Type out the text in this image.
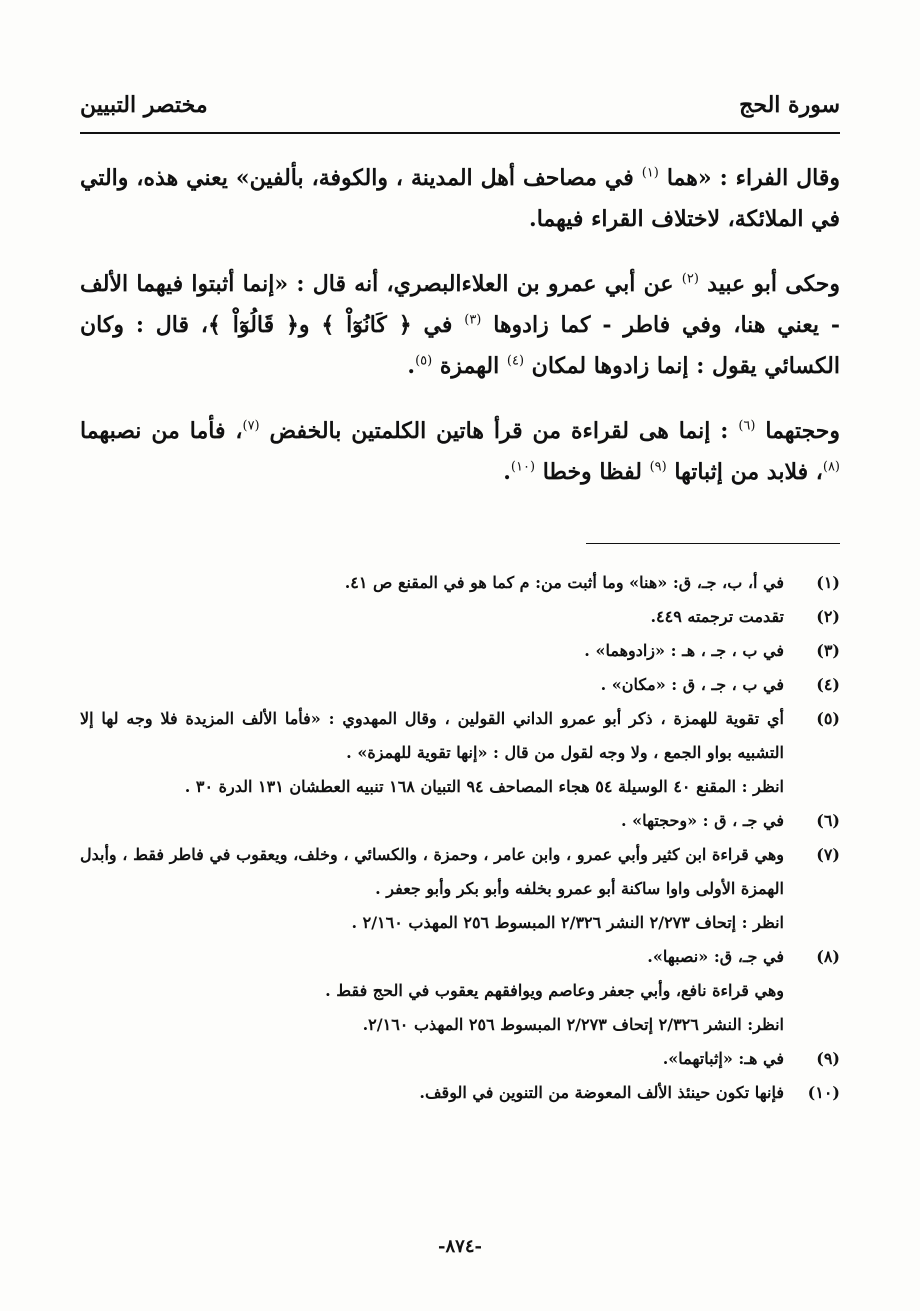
سورة الحج
مختصر التبيين

وقال الفراء : «هما $^{(١)}$ في مصاحف أهل المدينة ، والكوفة، بألفين» يعني هذه، والتي في الملائكة، لاختلاف القراء فيهما.

وحكى أبو عبيد $^{(٢)}$ عن أبي عمرو بن العلاءالبصري، أنه قال : «إنما أثبتوا فيهما الألف - يعني هنا، وفي فاطر - كما زادوها $^{(٣)}$ في ﴿ كَانُوٓاْ ﴾ و﴿ قَالُوٓاْ ﴾، قال : وكان الكسائي يقول : إنما زادوها لمكان $^{(٤)}$ الهمزة $^{(٥)}$.

وحجتهما $^{(٦)}$ : إنما هى لقراءة من قرأ هاتين الكلمتين بالخفض $^{(٧)}$، فأما من نصبهما $^{(٨)}$، فلابد من إثباتها $^{(٩)}$ لفظا وخطا $^{(١٠)}$.

(١)
في أ، ب، جـ، ق: «هنا» وما أثبت من: م كما هو في المقنع ص ٤١.
(٢)
تقدمت ترجمته ٤٤٩.
(٣)
في ب ، جـ ، هـ : «زادوهما» .
(٤)
في ب ، جـ ، ق : «مكان» .
(٥)
أي تقوية للهمزة ، ذكر أبو عمرو الداني القولين ، وقال المهدوي : «فأما الألف المزيدة فلا وجه لها إلا التشبيه بواو الجمع ، ولا وجه لقول من قال : «إنها تقوية للهمزة» .
انظر : المقنع ٤٠ الوسيلة ٥٤ هجاء المصاحف ٩٤ التبيان ١٦٨ تنبيه العطشان ١٣١ الدرة ٣٠ .
(٦)
في جـ ، ق : «وحجتها» .
(٧)
وهي قراءة ابن كثير وأبي عمرو ، وابن عامر ، وحمزة ، والكسائي ، وخلف، ويعقوب في فاطر فقط ، وأبدل الهمزة الأولى واوا ساكنة أبو عمرو بخلفه وأبو بكر وأبو جعفر .
انظر : إتحاف ٢/٢٧٣ النشر ٢/٣٢٦ المبسوط ٢٥٦ المهذب ٢/١٦٠ .
(٨)
في جـ، ق: «نصبها».
وهي قراءة نافع، وأبي جعفر وعاصم ويوافقهم يعقوب في الحج فقط .
انظر: النشر ٢/٣٢٦ إتحاف ٢/٢٧٣ المبسوط ٢٥٦ المهذب ٢/١٦٠.
(٩)
في هـ: «إثباتهما».
(١٠)
فإنها تكون حينئذ الألف المعوضة من التنوين في الوقف.
-٨٧٤-
